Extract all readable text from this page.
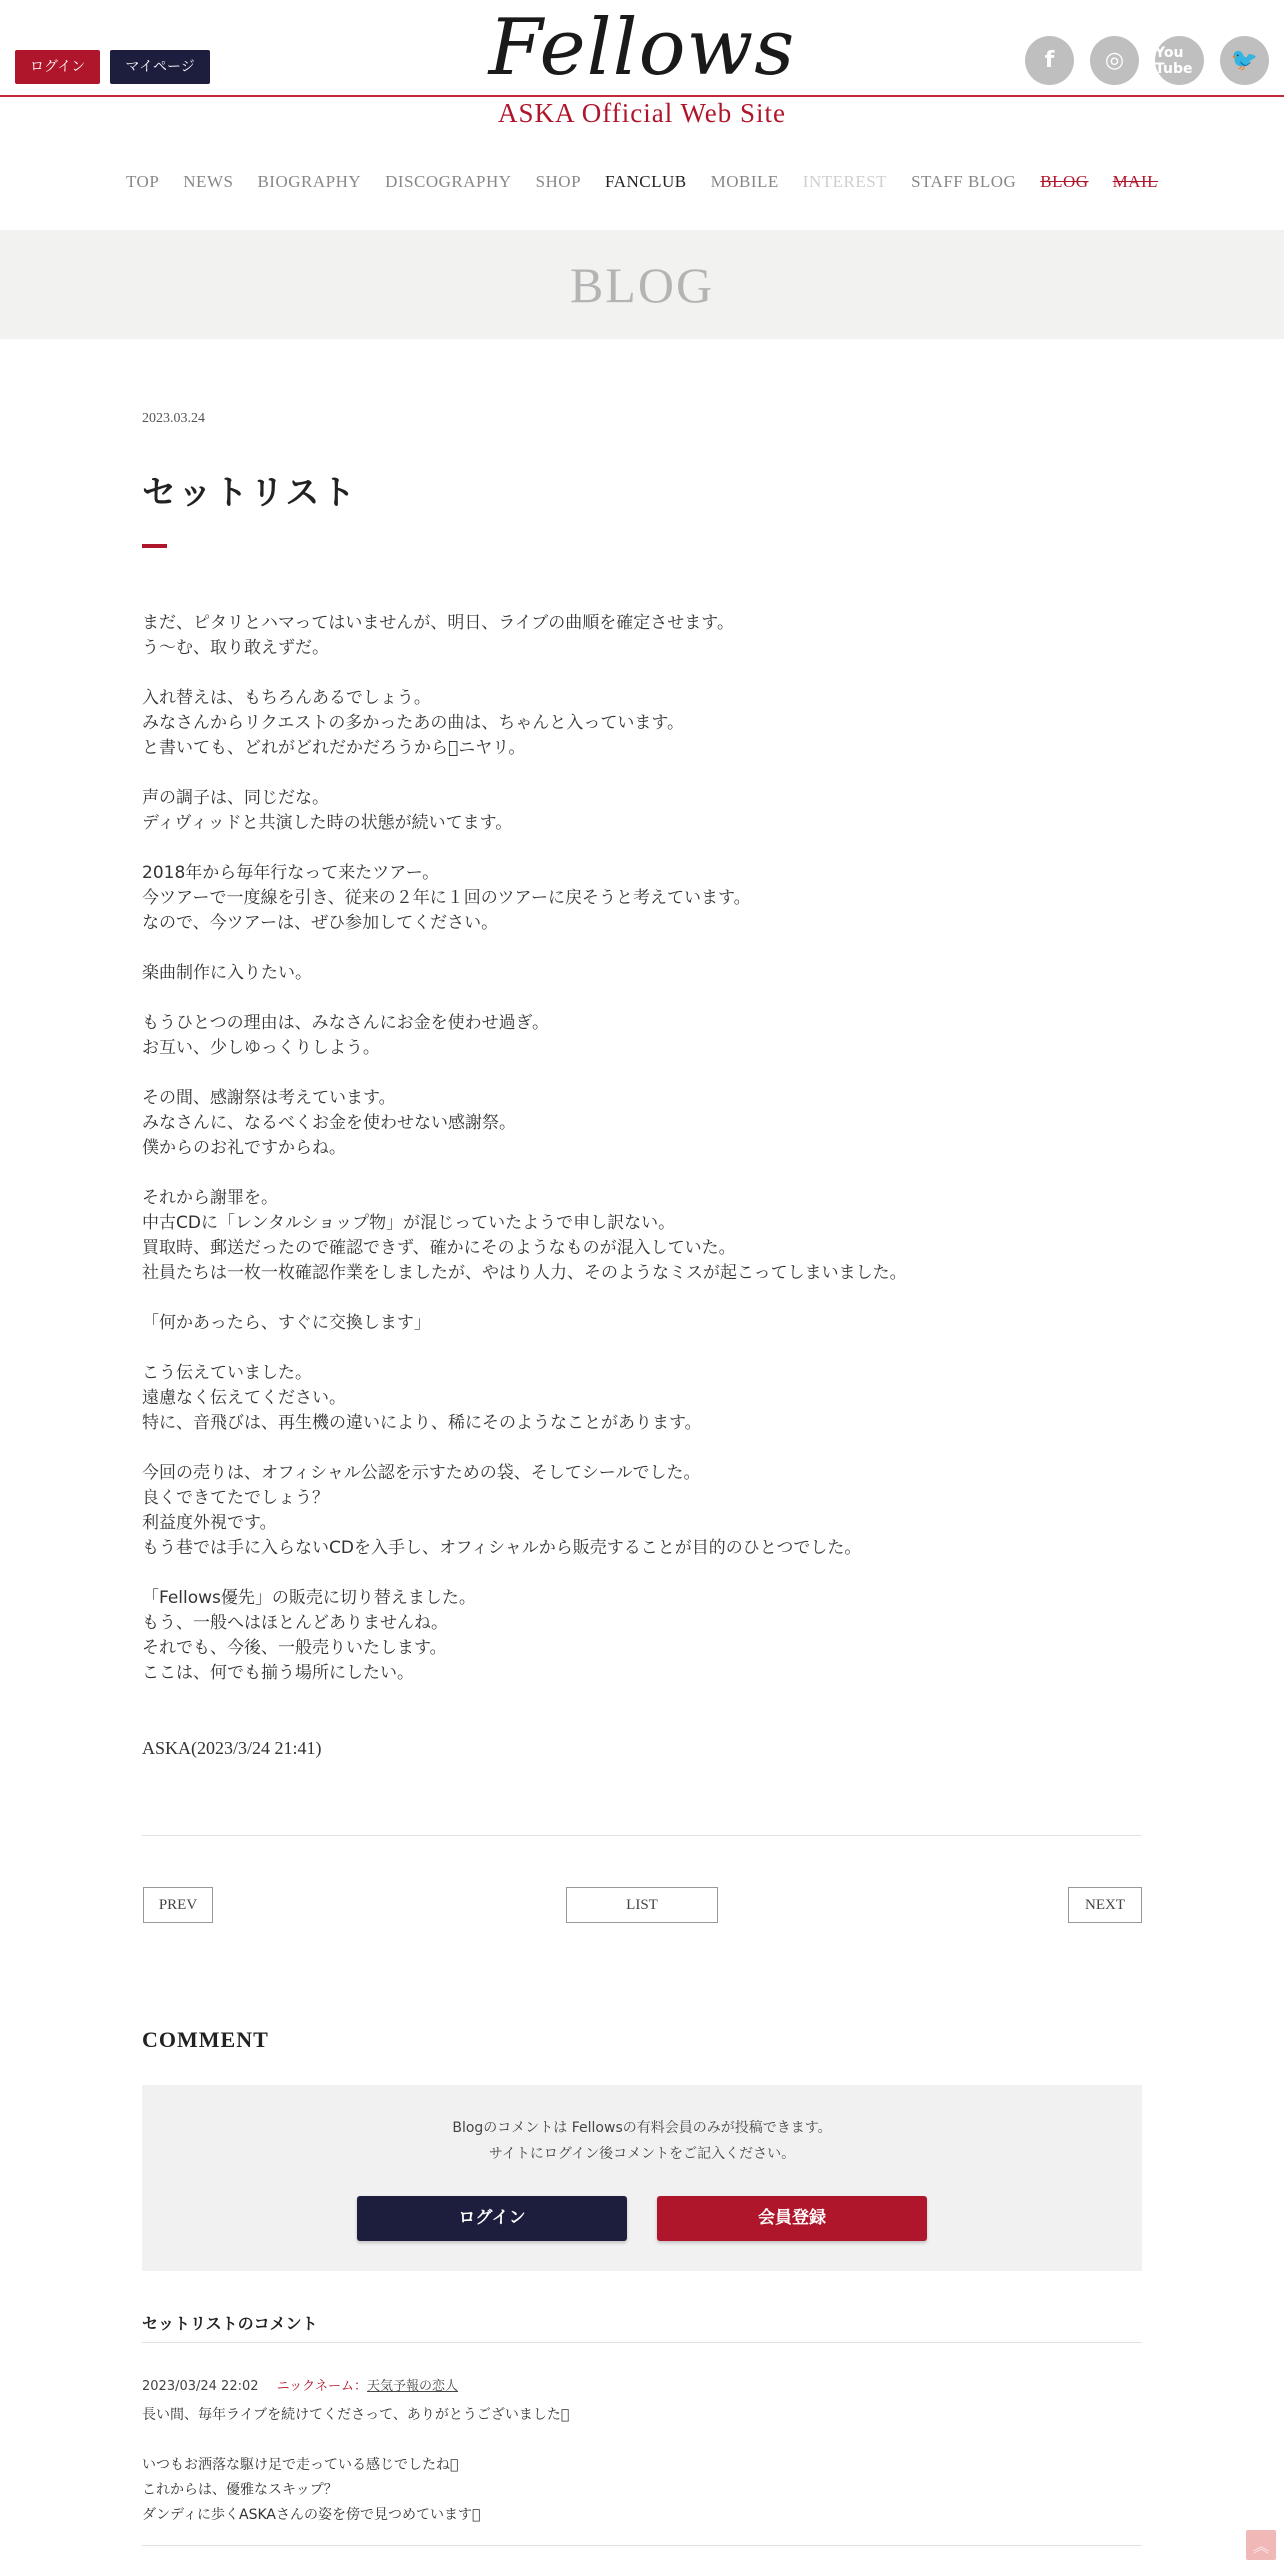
ログイン	マイページ	Fellows
ASKA Official Web Site
f	◎	You Tube	🐦
TOP NEWS BIOGRAPHY DISCOGRAPHY SHOP FANCLUB MOBILE INTEREST STAFF BLOG BLOG MAIL
BLOG
2023.03.24
セットリスト
まだ、ピタリとハマってはいませんが、明日、ライブの曲順を確定させます。
う〜む、取り敢えずだ。
入れ替えは、もちろんあるでしょう。
みなさんからリクエストの多かったあの曲は、ちゃんと入っています。
と書いても、どれがどれだかだろうから󾀁ニヤリ。
声の調子は、同じだな。
ディヴィッドと共演した時の状態が続いてます。
2018年から毎年行なって来たツアー。
今ツアーで一度線を引き、従来の２年に１回のツアーに戻そうと考えています。
なので、今ツアーは、ぜひ参加してください。
楽曲制作に入りたい。
もうひとつの理由は、みなさんにお金を使わせ過ぎ。
お互い、少しゆっくりしよう。
その間、感謝祭は考えています。
みなさんに、なるべくお金を使わせない感謝祭。
僕からのお礼ですからね。
それから謝罪を。
中古CDに「レンタルショップ物」が混じっていたようで申し訳ない。
買取時、郵送だったので確認できず、確かにそのようなものが混入していた。
社員たちは一枚一枚確認作業をしましたが、やはり人力、そのようなミスが起こってしまいました。
「何かあったら、すぐに交換します」
こう伝えていました。
遠慮なく伝えてください。
特に、音飛びは、再生機の違いにより、稀にそのようなことがあります。
今回の売りは、オフィシャル公認を示すための袋、そしてシールでした。
良くできてたでしょう？
利益度外視です。
もう巷では手に入らないCDを入手し、オフィシャルから販売することが目的のひとつでした。
「Fellows優先」の販売に切り替えました。
もう、一般へはほとんどありませんね。
それでも、今後、一般売りいたします。
ここは、何でも揃う場所にしたい。
ASKA(2023/3/24 21:41)
PREV	LIST	NEXT
COMMENT
Blogのコメントは Fellowsの有料会員のみが投稿できます。
サイトにログイン後コメントをご記入ください。
ログイン	会員登録
セットリストのコメント
2023/03/24 22:02 ニックネーム：天気予報の恋人
長い間、毎年ライブを続けてくださって、ありがとうございました󾀁
いつもお洒落な駆け足で走っている感じでしたね󾀁
これからは、優雅なスキップ？
ダンディに歩くASKAさんの姿を傍で見つめています󾀁
︽
